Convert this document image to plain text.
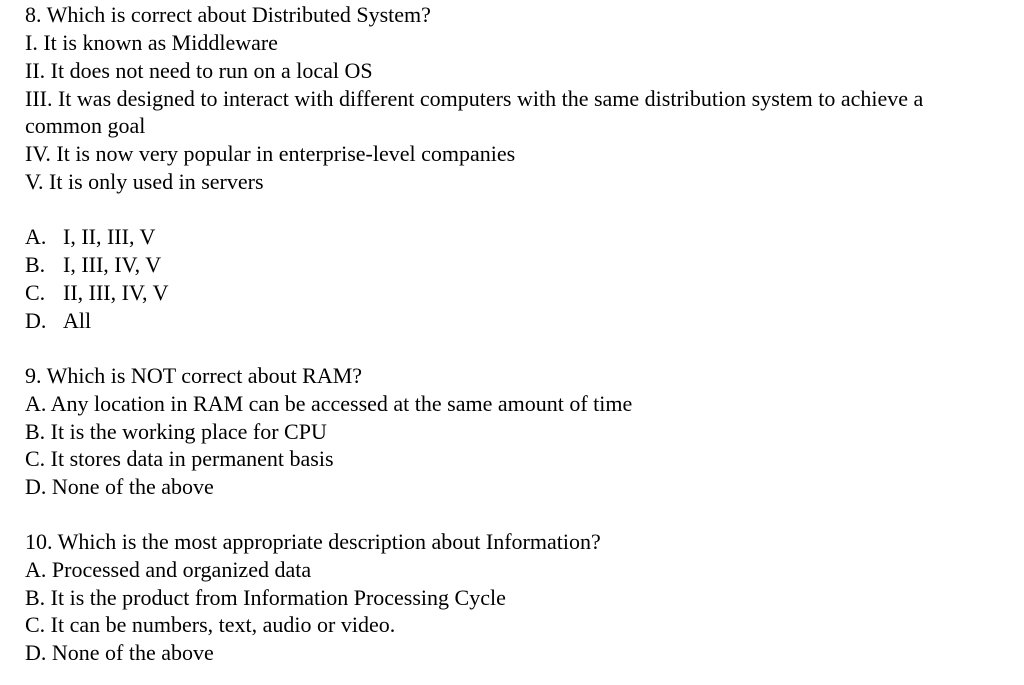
8. Which is correct about Distributed System?
I. It is known as Middleware
II. It does not need to run on a local OS
III. It was designed to interact with different computers with the same distribution system to achieve a
common goal
IV. It is now very popular in enterprise-level companies
V. It is only used in servers
A. I, II, III, V
B. I, III, IV, V
C. II, III, IV, V
D. All
9. Which is NOT correct about RAM?
A. Any location in RAM can be accessed at the same amount of time
B. It is the working place for CPU
C. It stores data in permanent basis
D. None of the above
10. Which is the most appropriate description about Information?
A. Processed and organized data
B. It is the product from Information Processing Cycle
C. It can be numbers, text, audio or video.
D. None of the above
